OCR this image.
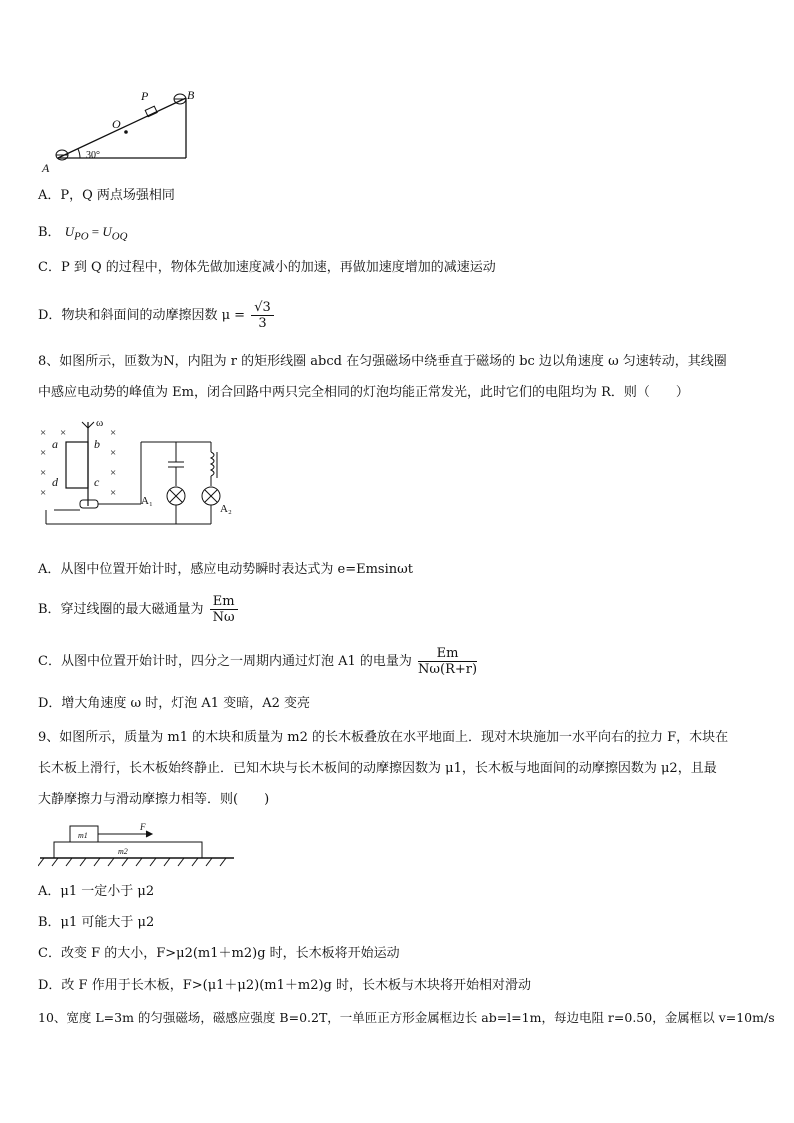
P	B
O
A
30°
A．P，Q 两点场强相同
B． $U_{PO} = U_{OQ}$
C．P 到 Q 的过程中，物体先做加速度减小的加速，再做加速度增加的减速运动
D．物块和斜面间的动摩擦因数 $\mu = \frac{√3}{3}$
8、如图所示，匝数为N，内阻为 r 的矩形线圈 abcd 在匀强磁场中绕垂直于磁场的 bc 边以角速度 ω 匀速转动，其线圈
中感应电动势的峰值为 Em，闭合回路中两只完全相同的灯泡均能正常发光，此时它们的电阻均为 R．则（　　）
× ×	×
×	×
×	×
×	×
a	b
c
d
ω
A₁
A₂
A．从图中位置开始计时，感应电动势瞬时表达式为 e=Emsinωt
B．穿过线圈的最大磁通量为 $\frac{Em}{N\omega}$
C．从图中位置开始计时，四分之一周期内通过灯泡 A1 的电量为 $\frac{Em}{N\omega(R+r)}$
D．增大角速度 ω 时，灯泡 A1 变暗，A2 变亮
9、如图所示，质量为 m1 的木块和质量为 m2 的长木板叠放在水平地面上．现对木块施加一水平向右的拉力 F，木块在
长木板上滑行，长木板始终静止．已知木块与长木板间的动摩擦因数为 μ1，长木板与地面间的动摩擦因数为 μ2，且最
大静摩擦力与滑动摩擦力相等．则(　　)
m1
m2
F
A．μ1 一定小于 μ2
B．μ1 可能大于 μ2
C．改变 F 的大小，F>μ2(m1＋m2)g 时，长木板将开始运动
D．改 F 作用于长木板，F>(μ1＋μ2)(m1＋m2)g 时，长木板与木块将开始相对滑动
10、宽度 L=3m 的匀强磁场，磁感应强度 B=0.2T，一单匝正方形金属框边长 ab=l=1m，每边电阻 r=0.50，金属框以 v=10m/s
